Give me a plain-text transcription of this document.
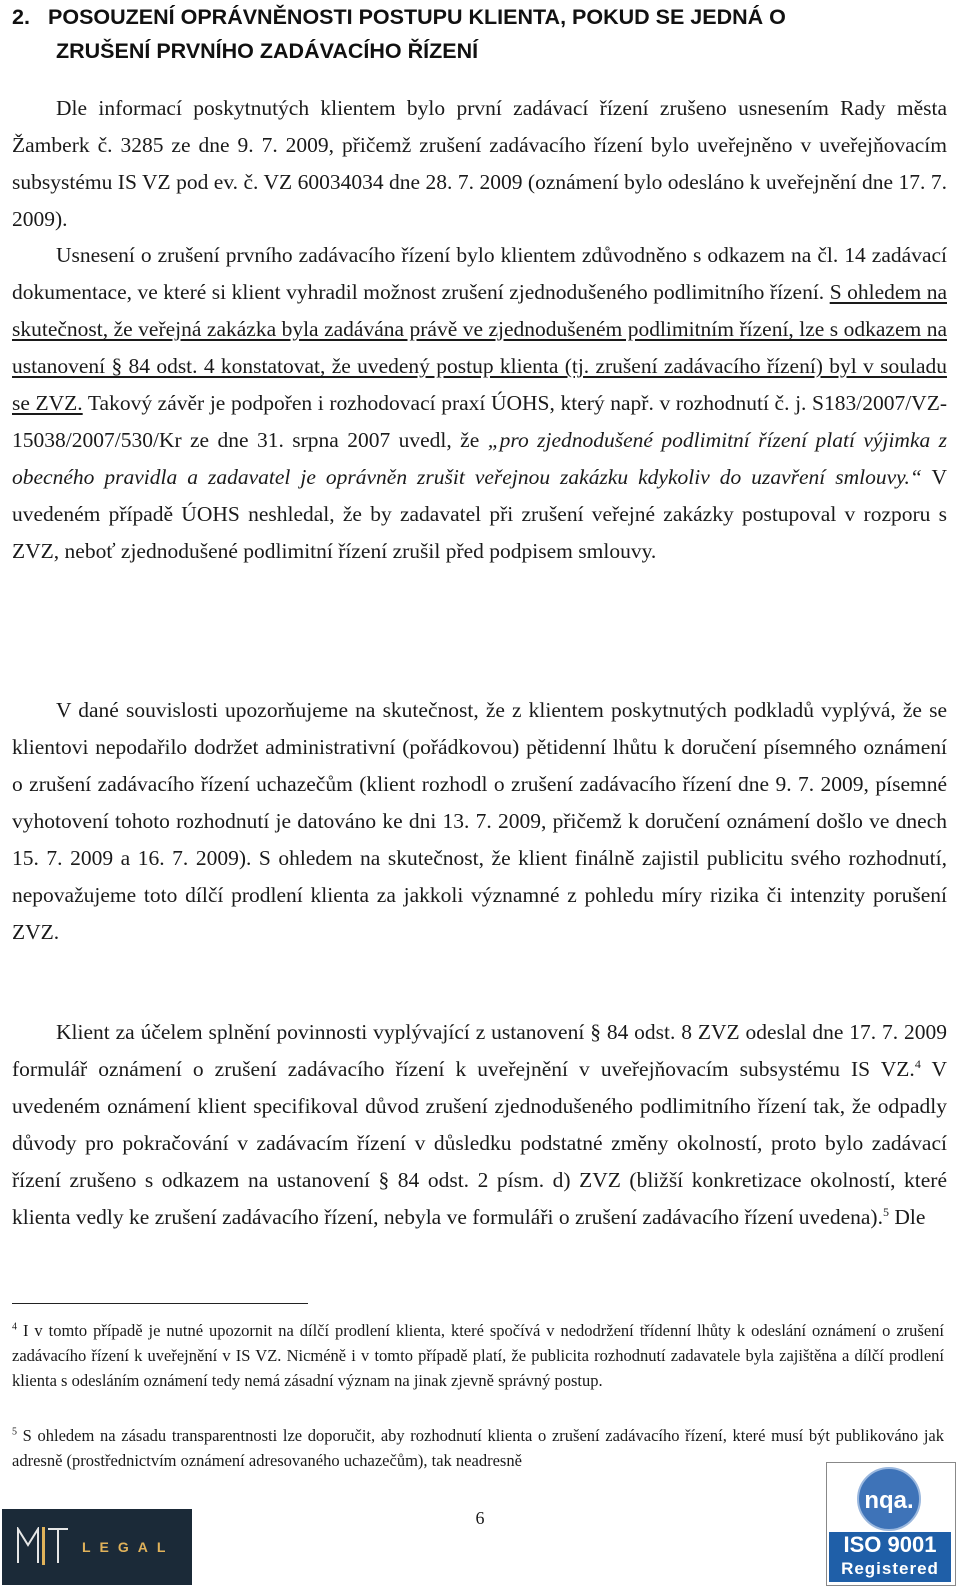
2. POSOUZENÍ OPRÁVNĚNOSTI POSTUPU KLIENTA, POKUD SE JEDNÁ O
ZRUŠENÍ PRVNÍHO ZADÁVACÍHO ŘÍZENÍ

Dle informací poskytnutých klientem bylo první zadávací řízení zrušeno usnesením Rady města Žamberk č. 3285 ze dne 9. 7. 2009, přičemž zrušení zadávacího řízení bylo uveřejněno v uveřejňovacím subsystému IS VZ pod ev. č. VZ 60034034 dne 28. 7. 2009 (oznámení bylo odesláno k uveřejnění dne 17. 7. 2009).

Usnesení o zrušení prvního zadávacího řízení bylo klientem zdůvodněno s odkazem na čl. 14 zadávací dokumentace, ve které si klient vyhradil možnost zrušení zjednodušeného podlimitního řízení. S ohledem na skutečnost, že veřejná zakázka byla zadávána právě ve zjednodušeném podlimitním řízení, lze s odkazem na ustanovení § 84 odst. 4 konstatovat, že uvedený postup klienta (tj. zrušení zadávacího řízení) byl v souladu se ZVZ. Takový závěr je podpořen i rozhodovací praxí ÚOHS, který např. v rozhodnutí č. j. S183/2007/VZ-15038/2007/530/Kr ze dne 31. srpna 2007 uvedl, že „pro zjednodušené podlimitní řízení platí výjimka z obecného pravidla a zadavatel je oprávněn zrušit veřejnou zakázku kdykoliv do uzavření smlouvy.“ V uvedeném případě ÚOHS neshledal, že by zadavatel při zrušení veřejné zakázky postupoval v rozporu s ZVZ, neboť zjednodušené podlimitní řízení zrušil před podpisem smlouvy.

V dané souvislosti upozorňujeme na skutečnost, že z klientem poskytnutých podkladů vyplývá, že se klientovi nepodařilo dodržet administrativní (pořádkovou) pětidenní lhůtu k doručení písemného oznámení o zrušení zadávacího řízení uchazečům (klient rozhodl o zrušení zadávacího řízení dne 9. 7. 2009, písemné vyhotovení tohoto rozhodnutí je datováno ke dni 13. 7. 2009, přičemž k doručení oznámení došlo ve dnech 15. 7. 2009 a 16. 7. 2009). S ohledem na skutečnost, že klient finálně zajistil publicitu svého rozhodnutí, nepovažujeme toto dílčí prodlení klienta za jakkoli významné z pohledu míry rizika či intenzity porušení ZVZ.

Klient za účelem splnění povinnosti vyplývající z ustanovení § 84 odst. 8 ZVZ odeslal dne 17. 7. 2009 formulář oznámení o zrušení zadávacího řízení k uveřejnění v uveřejňovacím subsystému IS VZ.$^4$ V uvedeném oznámení klient specifikoval důvod zrušení zjednodušeného podlimitního řízení tak, že odpadly důvody pro pokračování v zadávacím řízení v důsledku podstatné změny okolností, proto bylo zadávací řízení zrušeno s odkazem na ustanovení § 84 odst. 2 písm. d) ZVZ (bližší konkretizace okolností, které klienta vedly ke zrušení zadávacího řízení, nebyla ve formuláři o zrušení zadávacího řízení uvedena).$^5$ Dle

$^4$ I v tomto případě je nutné upozornit na dílčí prodlení klienta, které spočívá v nedodržení třídenní lhůty k odeslání oznámení o zrušení zadávacího řízení k uveřejnění v IS VZ. Nicméně i v tomto případě platí, že publicita rozhodnutí zadavatele byla zajištěna a dílčí prodlení klienta s odesláním oznámení tedy nemá zásadní význam na jinak zjevně správný postup.

$^5$ S ohledem na zásadu transparentnosti lze doporučit, aby rozhodnutí klienta o zrušení zadávacího řízení, které musí být publikováno jak adresně (prostřednictvím oznámení adresovaného uchazečům), tak neadresně

6
LEGAL
nqa.
ISO 9001
Registered
